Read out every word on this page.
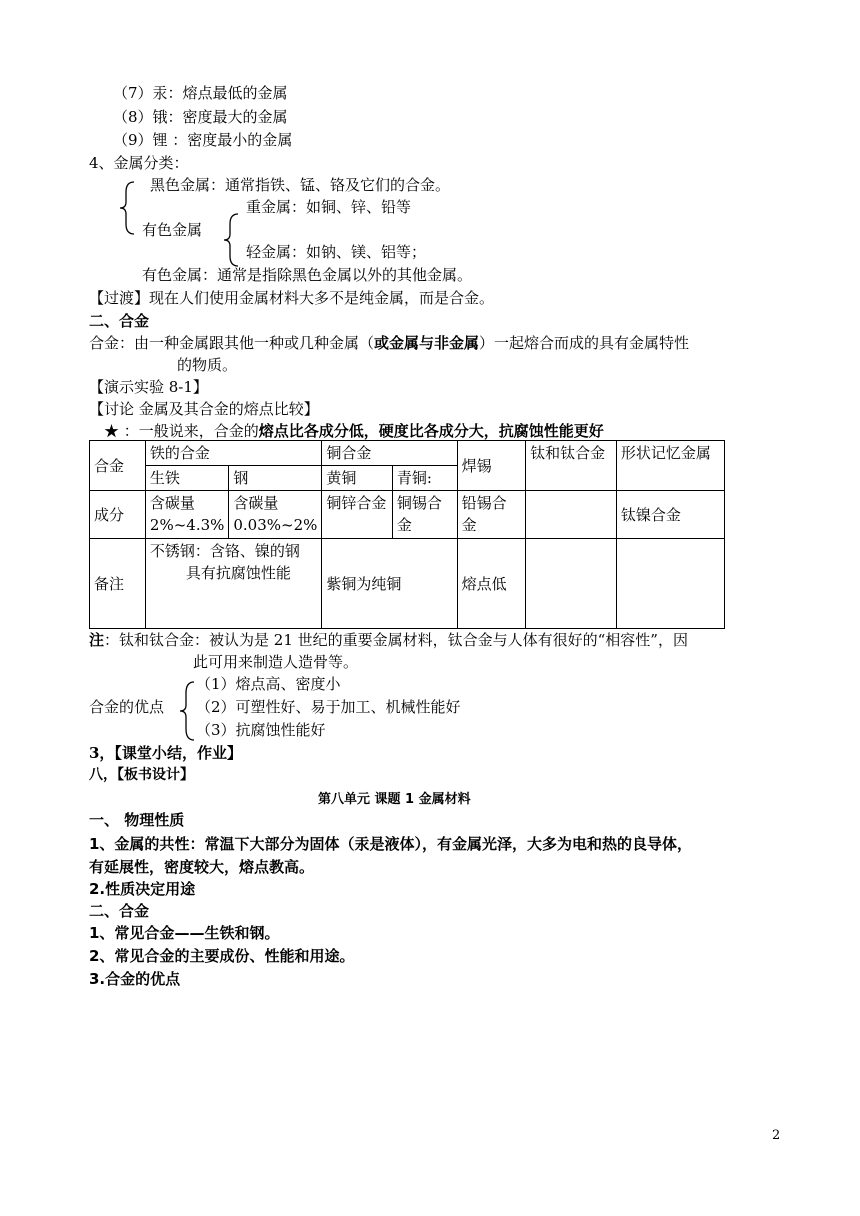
（7）汞：熔点最低的金属
（8）锇：密度最大的金属
（9）锂 ：密度最小的金属
4、金属分类：
黑色金属：通常指铁、锰、铬及它们的合金。
重金属：如铜、锌、铅等
有色金属
轻金属：如钠、镁、铝等；
有色金属：通常是指除黑色金属以外的其他金属。
【过渡】现在人们使用金属材料大多不是纯金属，而是合金。
二、合金
合金：由一种金属跟其他一种或几种金属（或金属与非金属）一起熔合而成的具有金属特性
的物质。
【演示实验 8-1】
【讨论 金属及其合金的熔点比较】
★ ：一般说来，合金的熔点比各成分低，硬度比各成分大，抗腐蚀性能更好
合金	铁的合金		铜合金		焊锡	钛和钛合金	形状记忆金属
	生铁	钢	黄铜	青铜:			
成分	含碳量 2%~4.3%	含碳量 0.03%~2%	铜锌合金	铜锡合金	铅锡合金		钛镍合金
备注	不锈钢：含铬、镍的钢
具有抗腐蚀性能		紫铜为纯铜		熔点低		
注：钛和钛合金：被认为是 21 世纪的重要金属材料，钛合金与人体有很好的“相容性”，因
此可用来制造人造骨等。
合金的优点
（1）熔点高、密度小
（2）可塑性好、易于加工、机械性能好
（3）抗腐蚀性能好
3，【课堂小结，作业】
八，【板书设计】
第八单元 课题 1 金属材料
一、 物理性质
1、金属的共性：常温下大部分为固体（汞是液体），有金属光泽，大多为电和热的良导体，
有延展性，密度较大，熔点教高。
2.性质决定用途
二、合金
1、常见合金——生铁和钢。
2、常见合金的主要成份、性能和用途。
3.合金的优点
2
